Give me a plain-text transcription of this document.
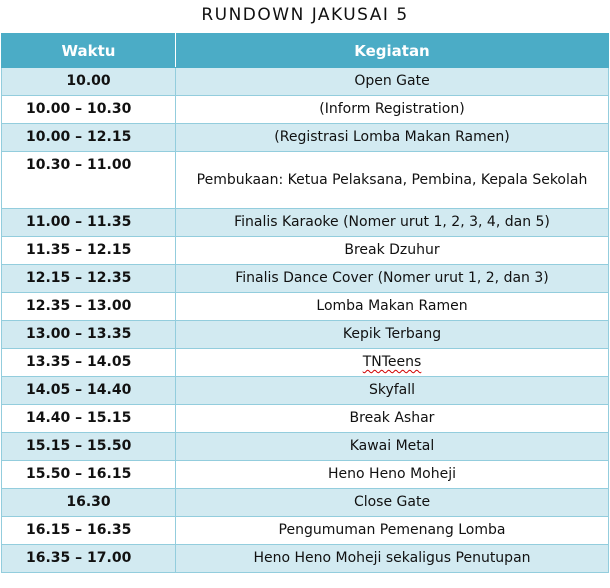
RUNDOWN JAKUSAI 5
Waktu	Kegiatan
10.00	Open Gate
10.00 – 10.30	(Inform Registration)
10.00 – 12.15	(Registrasi Lomba Makan Ramen)
10.30 – 11.00	Pembukaan: Ketua Pelaksana, Pembina, Kepala Sekolah
11.00 – 11.35	Finalis Karaoke (Nomer urut 1, 2, 3, 4, dan 5)
11.35 – 12.15	Break Dzuhur
12.15 – 12.35	Finalis Dance Cover (Nomer urut 1, 2, dan 3)
12.35 – 13.00	Lomba Makan Ramen
13.00 – 13.35	Kepik Terbang
13.35 – 14.05	TNTeens
14.05 – 14.40	Skyfall
14.40 – 15.15	Break Ashar
15.15 – 15.50	Kawai Metal
15.50 – 16.15	Heno Heno Moheji
16.30	Close Gate
16.15 – 16.35	Pengumuman Pemenang Lomba
16.35 – 17.00	Heno Heno Moheji sekaligus Penutupan
